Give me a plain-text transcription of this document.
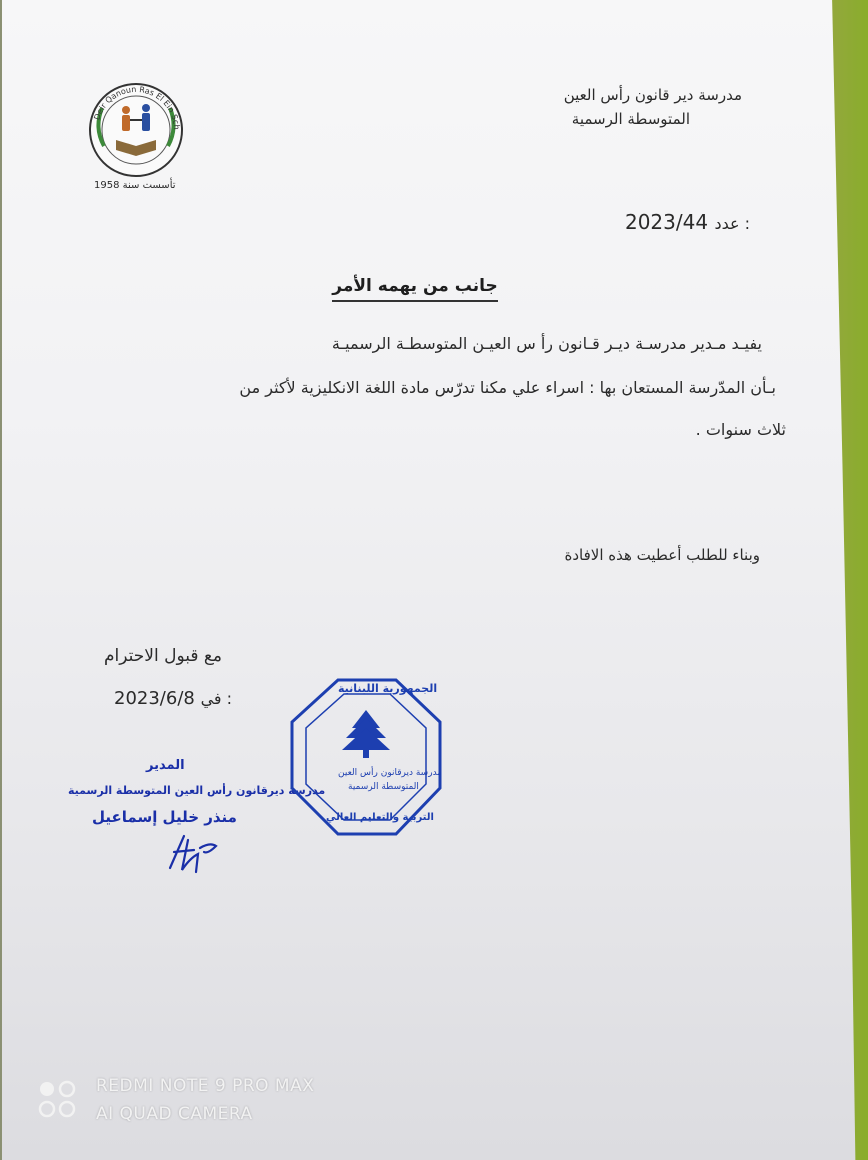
Deir Qanoun Ras El Ein Sch
تأسست سنة 1958
مدرسة دير قانون رأس العين
المتوسطة الرسمية
2023/44 عدد :
جانب من يهمه الأمر
يفيـد مـدير مدرسـة ديـر قـانون رأ س العيـن المتوسطـة الرسميـة
بـأن المدّرسة المستعان بها : اسراء علي مكنا تدرّس مادة اللغة الانكليزية لأكثر من
ثلاث سنوات .
وبناء للطلب أعطيت هذه الافادة
مع قبول الاحترام
2023/6/8 في :
المدير
مدرسة ديرقانون رأس العين المتوسطة الرسمية
منذر خليل إسماعيل
الجمهورية اللبنانية
مدرسة ديرقانون رأس العين
المتوسطة الرسمية
التربية والتعليم العالي
REDMI NOTE 9 PRO MAX
AI QUAD CAMERA
